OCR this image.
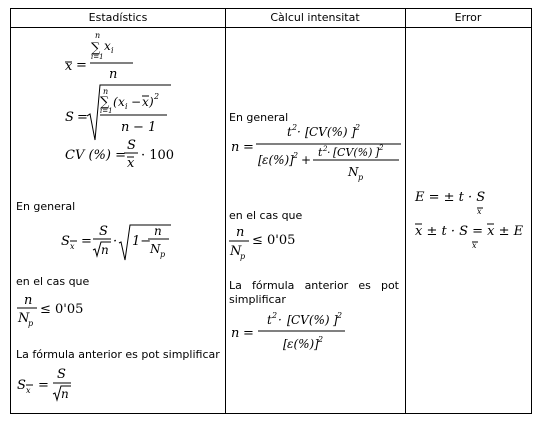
Estadístics	Càlcul intensitat	Error
x =
n
∑ x i
i=1
n
S =
n
∑
i=1
( x i − x ) 2
n − 1
CV (%) =
S
x
· 100
En general
S x =
S
n
· 1−
n
N p
en el cas que
n
N
p
≤ 0'05
La fórmula anterior es pot simplificar
S x =
S
n
En general
n =
t 2 · [ CV(%) ] 2
[ ε(%) ] 2 +
t 2 · [ CV(%) ] 2
N p
en el cas que
n
N
p
≤ 0'05
La fórmula anterior es pot simplificar
n =
t 2 · [ CV(%) ] 2
[ ε(%) ] 2
E = ± t · S
x
x
x ± t · S = x ± E
